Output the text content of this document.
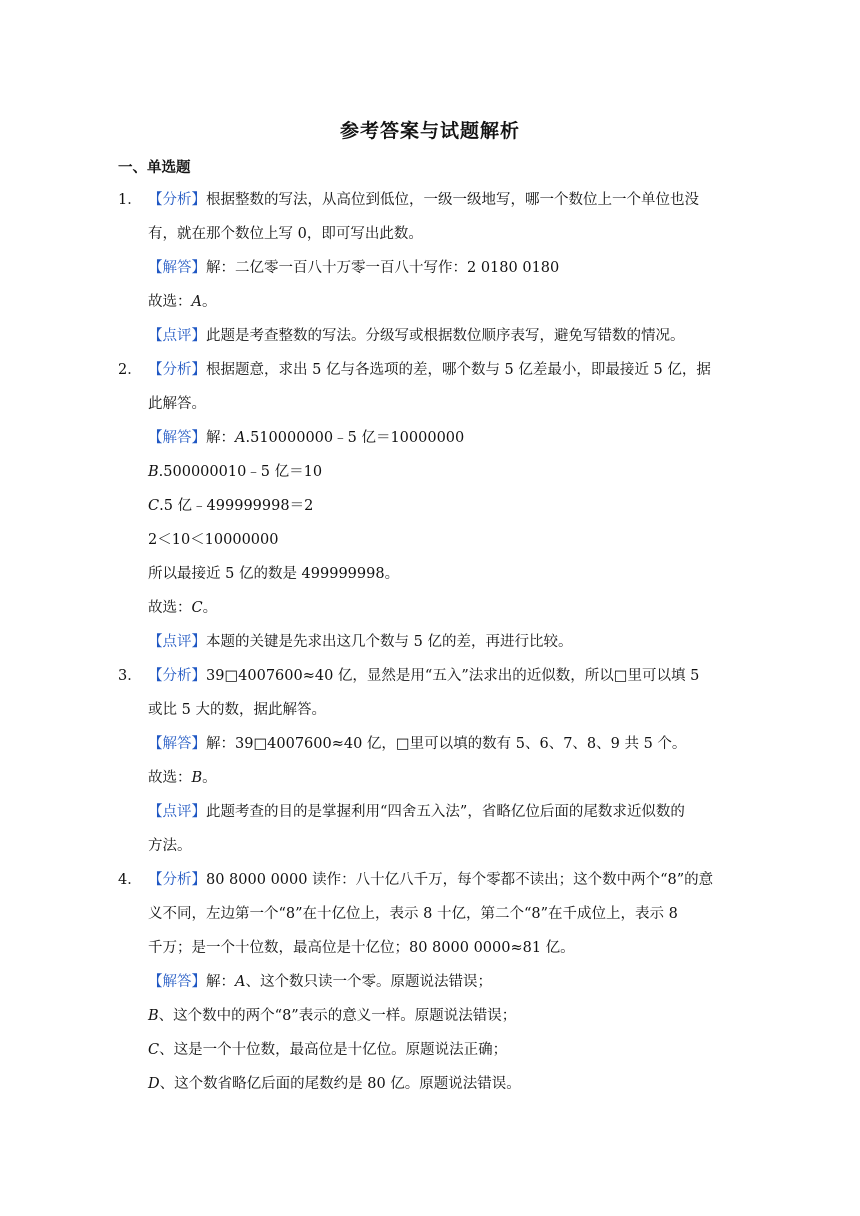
参考答案与试题解析
一、单选题
1． 【分析】根据整数的写法，从高位到低位，一级一级地写，哪一个数位上一个单位也没
有，就在那个数位上写 0，即可写出此数。
【解答】解：二亿零一百八十万零一百八十写作：2 0180 0180
故选：A。
【点评】此题是考查整数的写法。分级写或根据数位顺序表写，避免写错数的情况。
2． 【分析】根据题意，求出 5 亿与各选项的差，哪个数与 5 亿差最小，即最接近 5 亿，据
此解答。
【解答】解：A.510000000﹣5 亿＝10000000
B.500000010﹣5 亿＝10
C.5 亿﹣499999998＝2
2＜10＜10000000
所以最接近 5 亿的数是 499999998。
故选：C。
【点评】本题的关键是先求出这几个数与 5 亿的差，再进行比较。
3． 【分析】39□4007600≈40 亿，显然是用“五入”法求出的近似数，所以□里可以填 5
或比 5 大的数，据此解答。
【解答】解：39□4007600≈40 亿，□里可以填的数有 5、6、7、8、9 共 5 个。
故选：B。
【点评】此题考查的目的是掌握利用“四舍五入法”，省略亿位后面的尾数求近似数的
方法。
4． 【分析】80 8000 0000 读作：八十亿八千万，每个零都不读出；这个数中两个“8”的意
义不同，左边第一个“8”在十亿位上，表示 8 十亿，第二个“8”在千成位上，表示 8
千万；是一个十位数，最高位是十亿位；80 8000 0000≈81 亿。
【解答】解：A、这个数只读一个零。原题说法错误；
B、这个数中的两个“8”表示的意义一样。原题说法错误；
C、这是一个十位数，最高位是十亿位。原题说法正确；
D、这个数省略亿后面的尾数约是 80 亿。原题说法错误。
